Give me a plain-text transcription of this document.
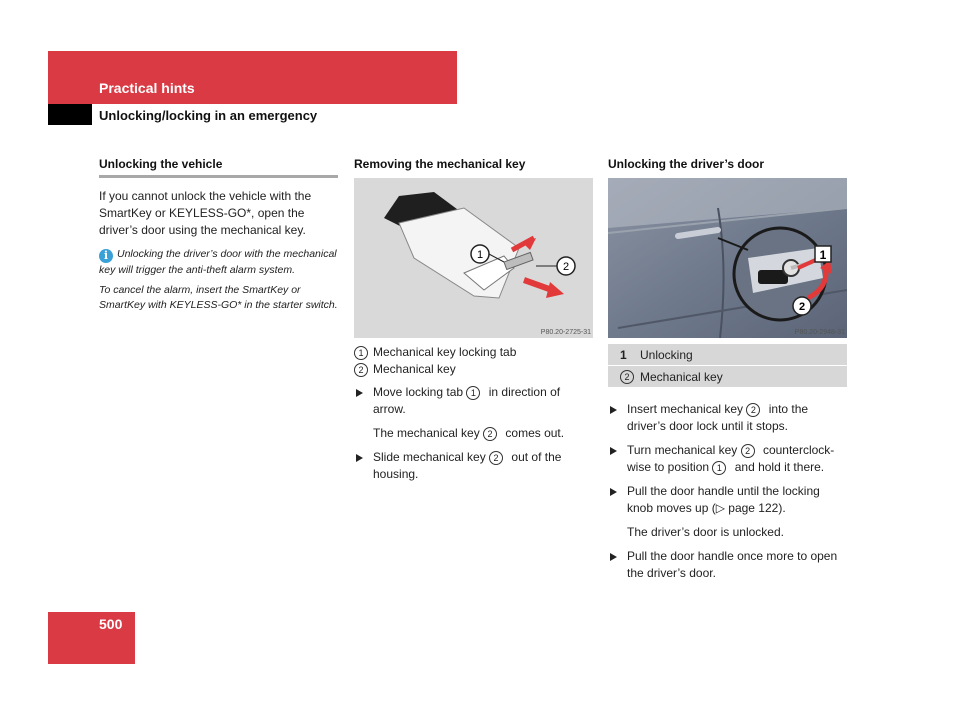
Practical hints
Unlocking/locking in an emergency
Unlocking the vehicle
If you cannot unlock the vehicle with the SmartKey or KEYLESS-GO*, open the driver’s door using the mechanical key.
i Unlocking the driver’s door with the mechanical key will trigger the anti-theft alarm system.
To cancel the alarm, insert the SmartKey or SmartKey with KEYLESS-GO* in the starter switch.
Removing the mechanical key
1
2
P80.20-2725-31
1 Mechanical key locking tab
2 Mechanical key
Move locking tab 1 in direction of arrow.
The mechanical key 2 comes out.
Slide mechanical key 2 out of the housing.
Unlocking the driver’s door
1
2
P80.20-2948-31
1	Unlocking
2 Mechanical key
Insert mechanical key 2 into the driver’s door lock until it stops.
Turn mechanical key 2 counterclock-wise to position 1 and hold it there.
Pull the door handle until the locking knob moves up (▷ page 122).
The driver’s door is unlocked.
Pull the door handle once more to open the driver’s door.
500
